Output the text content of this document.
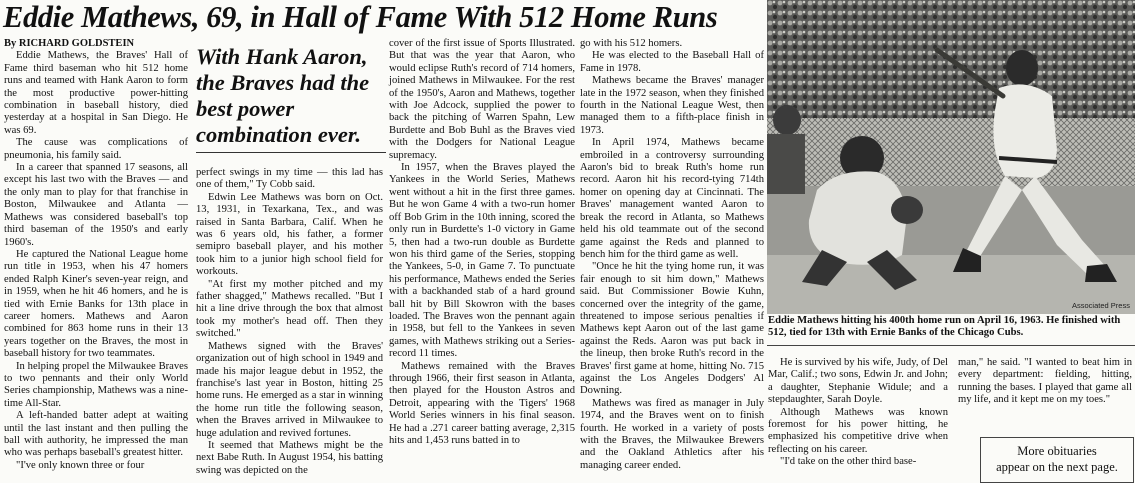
Eddie Mathews, 69, in Hall of Fame With 512 Home Runs

By RICHARD GOLDSTEIN

Eddie Mathews, the Braves' Hall of Fame third baseman who hit 512 home runs and teamed with Hank Aaron to form the most productive power-hitting combination in baseball history, died yesterday at a hospital in San Diego. He was 69.

The cause was complications of pneumonia, his family said.

In a career that spanned 17 seasons, all except his last two with the Braves — and the only man to play for that franchise in Boston, Milwaukee and Atlanta — Mathews was considered baseball's top third baseman of the 1950's and early 1960's.

He captured the National League home run title in 1953, when his 47 homers ended Ralph Kiner's seven-year reign, and in 1959, when he hit 46 homers, and he is tied with Ernie Banks for 13th place in career homers. Mathews and Aaron combined for 863 home runs in their 13 years together on the Braves, the most in baseball history for two teammates.

In helping propel the Milwaukee Braves to two pennants and their only World Series championship, Mathews was a nine-time All-Star.

A left-handed batter adept at waiting until the last instant and then pulling the ball with authority, he impressed the man who was perhaps baseball's greatest hitter.

"I've only known three or four

With Hank Aaron, the Braves had the best power combination ever.

perfect swings in my time — this lad has one of them," Ty Cobb said.

Edwin Lee Mathews was born on Oct. 13, 1931, in Texarkana, Tex., and was raised in Santa Barbara, Calif. When he was 6 years old, his father, a former semipro baseball player, and his mother took him to a junior high school field for workouts.

"At first my mother pitched and my father shagged," Mathews recalled. "But I hit a line drive through the box that almost took my mother's head off. Then they switched."

Mathews signed with the Braves' organization out of high school in 1949 and made his major league debut in 1952, the franchise's last year in Boston, hitting 25 home runs. He emerged as a star in winning the home run title the following season, when the Braves arrived in Milwaukee to huge adulation and revived fortunes.

It seemed that Mathews might be the next Babe Ruth. In August 1954, his batting swing was depicted on the

cover of the first issue of Sports Illustrated. But that was the year that Aaron, who would eclipse Ruth's record of 714 homers, joined Mathews in Milwaukee. For the rest of the 1950's, Aaron and Mathews, together with Joe Adcock, supplied the power to back the pitching of Warren Spahn, Lew Burdette and Bob Buhl as the Braves vied with the Dodgers for National League supremacy.

In 1957, when the Braves played the Yankees in the World Series, Mathews went without a hit in the first three games. But he won Game 4 with a two-run homer off Bob Grim in the 10th inning, scored the only run in Burdette's 1-0 victory in Game 5, then had a two-run double as Burdette won his third game of the Series, stopping the Yankees, 5-0, in Game 7. To punctuate his performance, Mathews ended the Series with a backhanded stab of a hard ground ball hit by Bill Skowron with the bases loaded. The Braves won the pennant again in 1958, but fell to the Yankees in seven games, with Mathews striking out a Series-record 11 times.

Mathews remained with the Braves through 1966, their first season in Atlanta, then played for the Houston Astros and Detroit, appearing with the Tigers' 1968 World Series winners in his final season. He had a .271 career batting average, 2,315 hits and 1,453 runs batted in to

go with his 512 homers.

He was elected to the Baseball Hall of Fame in 1978.

Mathews became the Braves' manager late in the 1972 season, when they finished fourth in the National League West, then managed them to a fifth-place finish in 1973.

In April 1974, Mathews became embroiled in a controversy surrounding Aaron's bid to break Ruth's home run record. Aaron hit his record-tying 714th homer on opening day at Cincinnati. The Braves' management wanted Aaron to break the record in Atlanta, so Mathews held his old teammate out of the second game against the Reds and planned to bench him for the third game as well.

"Once he hit the tying home run, it was fair enough to sit him down," Mathews said. But Commissioner Bowie Kuhn, concerned over the integrity of the game, threatened to impose serious penalties if Mathews kept Aaron out of the last game against the Reds. Aaron was put back in the lineup, then broke Ruth's record in the Braves' first game at home, hitting No. 715 against the Los Angeles Dodgers' Al Downing.

Mathews was fired as manager in July 1974, and the Braves went on to finish fourth. He worked in a variety of posts with the Braves, the Milwaukee Brewers and the Oakland Athletics after his managing career ended.

Associated Press
Eddie Mathews hitting his 400th home run on April 16, 1963. He finished with 512, tied for 13th with Ernie Banks of the Chicago Cubs.

He is survived by his wife, Judy, of Del Mar, Calif.; two sons, Edwin Jr. and John; a daughter, Stephanie Widule; and a stepdaughter, Sarah Doyle.

Although Mathews was known foremost for his power hitting, he emphasized his competitive drive when reflecting on his career.

"I'd take on the other third base-

man," he said. "I wanted to beat him in every department: fielding, hitting, running the bases. I played that game all my life, and it kept me on my toes."

More obituaries
appear on the next page.
